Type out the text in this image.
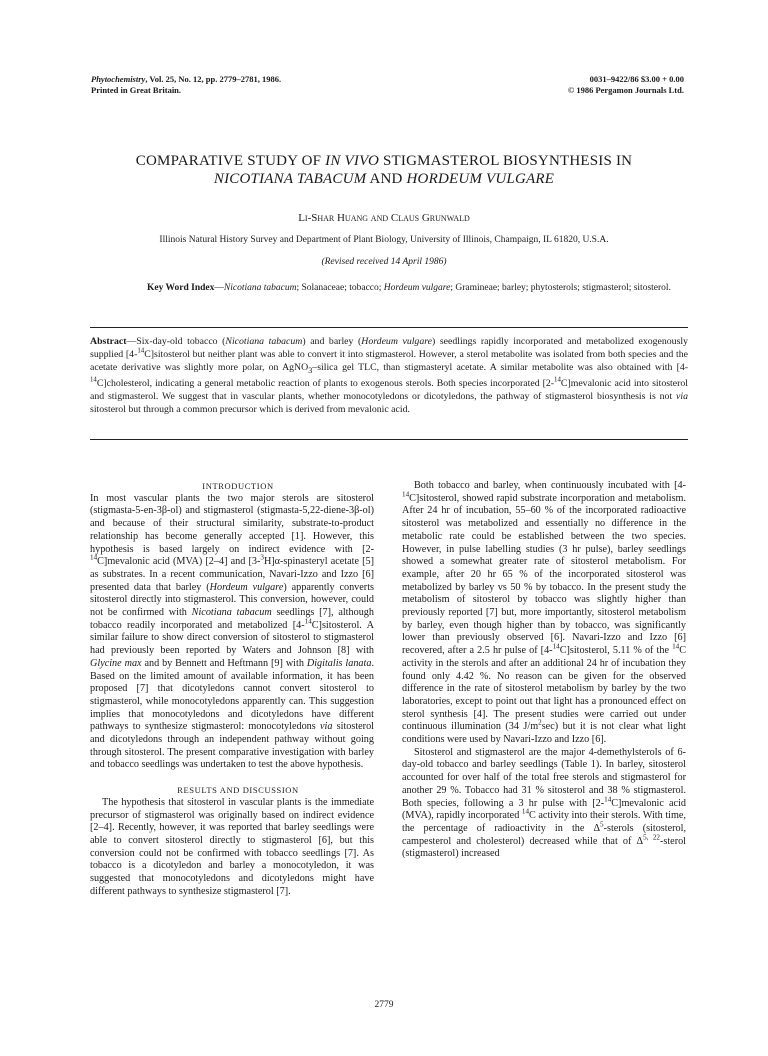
Phytochemistry, Vol. 25, No. 12, pp. 2779–2781, 1986.
Printed in Great Britain.
0031–9422/86 $3.00 + 0.00
© 1986 Pergamon Journals Ltd.
COMPARATIVE STUDY OF IN VIVO STIGMASTEROL BIOSYNTHESIS IN
NICOTIANA TABACUM AND HORDEUM VULGARE
Li-Shar Huang and Claus Grunwald
Illinois Natural History Survey and Department of Plant Biology, University of Illinois, Champaign, IL 61820, U.S.A.
(Revised received 14 April 1986)
Key Word Index—Nicotiana tabacum; Solanaceae; tobacco; Hordeum vulgare; Gramineae; barley; phytosterols; stigmasterol; sitosterol.
Abstract—Six-day-old tobacco (Nicotiana tabacum) and barley (Hordeum vulgare) seedlings rapidly incorporated and metabolized exogenously supplied [4-$^{14}$C]sitosterol but neither plant was able to convert it into stigmasterol. However, a sterol metabolite was isolated from both species and the acetate derivative was slightly more polar, on AgNO$_3$–silica gel TLC, than stigmasteryl acetate. A similar metabolite was also obtained with [4-$^{14}$C]cholesterol, indicating a general metabolic reaction of plants to exogenous sterols. Both species incorporated [2-$^{14}$C]mevalonic acid into sitosterol and stigmasterol. We suggest that in vascular plants, whether monocotyledons or dicotyledons, the pathway of stigmasterol biosynthesis is not via sitosterol but through a common precursor which is derived from mevalonic acid.

INTRODUCTION

In most vascular plants the two major sterols are sitosterol (stigmasta-5-en-3β-ol) and stigmasterol (stigmasta-5,22-diene-3β-ol) and because of their structural similarity, substrate-to-product relationship has become generally accepted [1]. However, this hypothesis is based largely on indirect evidence with [2-$^{14}$C]mevalonic acid (MVA) [2–4] and [3-$^3$H]α-spinasteryl acetate [5] as substrates. In a recent communication, Navari-Izzo and Izzo [6] presented data that barley (Hordeum vulgare) apparently converts sitosterol directly into stigmasterol. This conversion, however, could not be confirmed with Nicotiana tabacum seedlings [7], although tobacco readily incorporated and metabolized [4-$^{14}$C]sitosterol. A similar failure to show direct conversion of sitosterol to stigmasterol had previously been reported by Waters and Johnson [8] with Glycine max and by Bennett and Heftmann [9] with Digitalis lanata. Based on the limited amount of available information, it has been proposed [7] that dicotyledons cannot convert sitosterol to stigmasterol, while monocotyledons apparently can. This suggestion implies that monocotyledons and dicotyledons have different pathways to synthesize stigmasterol: monocotyledons via sitosterol and dicotyledons through an independent pathway without going through sitosterol. The present comparative investigation with barley and tobacco seedlings was undertaken to test the above hypothesis.

RESULTS AND DISCUSSION

The hypothesis that sitosterol in vascular plants is the immediate precursor of stigmasterol was originally based on indirect evidence [2–4]. Recently, however, it was reported that barley seedlings were able to convert sitosterol directly to stigmasterol [6], but this conversion could not be confirmed with tobacco seedlings [7]. As tobacco is a dicotyledon and barley a monocotyledon, it was suggested that monocotyledons and dicotyledons might have different pathways to synthesize stigmasterol [7].

Both tobacco and barley, when continuously incubated with [4-$^{14}$C]sitosterol, showed rapid substrate incorporation and metabolism. After 24 hr of incubation, 55–60 % of the incorporated radioactive sitosterol was metabolized and essentially no difference in the metabolic rate could be established between the two species. However, in pulse labelling studies (3 hr pulse), barley seedlings showed a somewhat greater rate of sitosterol metabolism. For example, after 20 hr 65 % of the incorporated sitosterol was metabolized by barley vs 50 % by tobacco. In the present study the metabolism of sitosterol by tobacco was slightly higher than previously reported [7] but, more importantly, sitosterol metabolism by barley, even though higher than by tobacco, was significantly lower than previously observed [6]. Navari-Izzo and Izzo [6] recovered, after a 2.5 hr pulse of [4-$^{14}$C]sitosterol, 5.11 % of the $^{14}$C activity in the sterols and after an additional 24 hr of incubation they found only 4.42 %. No reason can be given for the observed difference in the rate of sitosterol metabolism by barley by the two laboratories, except to point out that light has a pronounced effect on sterol synthesis [4]. The present studies were carried out under continuous illumination (34 $J/m^2\sec$) but it is not clear what light conditions were used by Navari-Izzo and Izzo [6].

Sitosterol and stigmasterol are the major 4-demethylsterols of 6-day-old tobacco and barley seedlings (Table 1). In barley, sitosterol accounted for over half of the total free sterols and stigmasterol for another 29 %. Tobacco had 31 % sitosterol and 38 % stigmasterol. Both species, following a 3 hr pulse with [2-$^{14}$C]mevalonic acid (MVA), rapidly incorporated $^{14}$C activity into their sterols. With time, the percentage of radioactivity in the $\Delta^5$-sterols (sitosterol, campesterol and cholesterol) decreased while that of Δ$^{5, 22}$-sterol (stigmasterol) increased

2779
